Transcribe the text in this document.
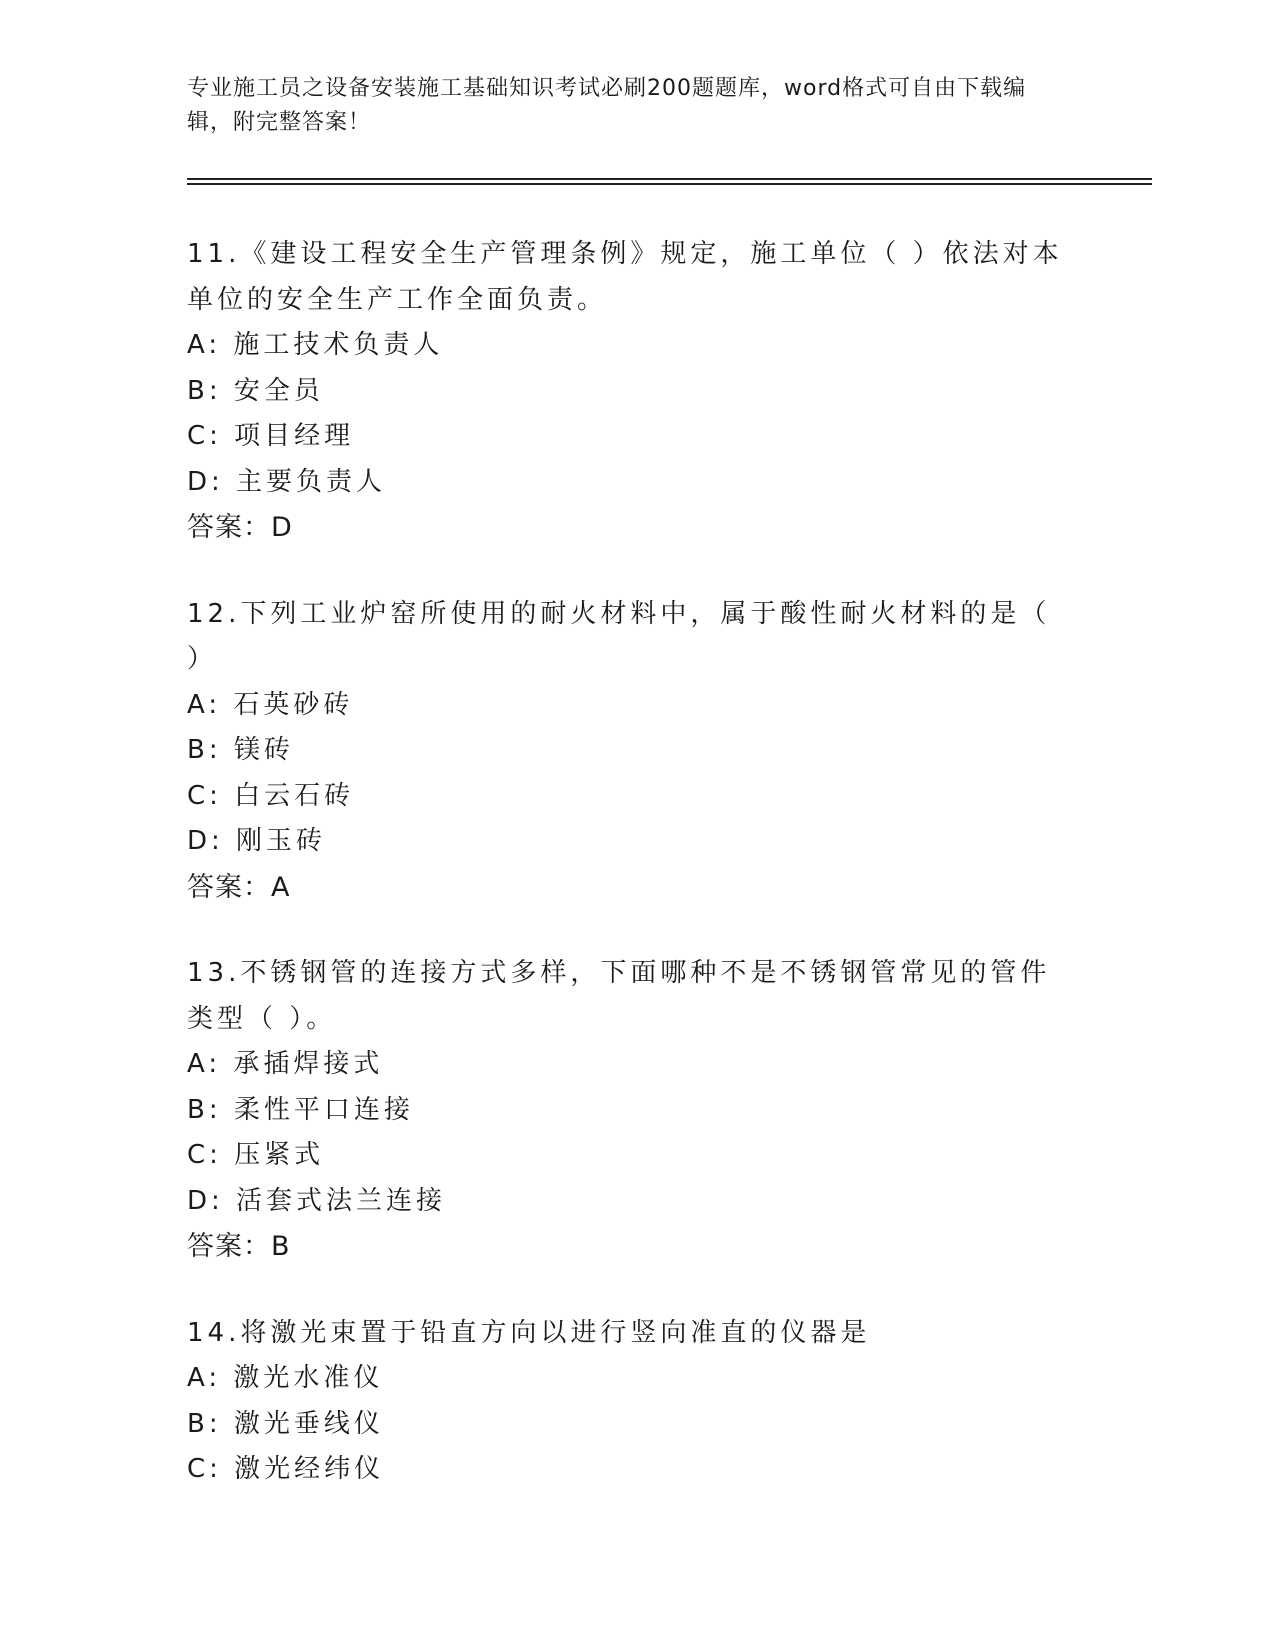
专业施工员之设备安装施工基础知识考试必刷200题题库，word格式可自由下载编辑，附完整答案！
11.《建设工程安全生产管理条例》规定，施工单位（ ）依法对本单位的安全生产工作全面负责。
A: 施工技术负责人
B: 安全员
C: 项目经理
D: 主要负责人
答案：D
12.下列工业炉窑所使用的耐火材料中，属于酸性耐火材料的是（ ）
A: 石英砂砖
B: 镁砖
C: 白云石砖
D: 刚玉砖
答案：A
13.不锈钢管的连接方式多样，下面哪种不是不锈钢管常见的管件类型（ ）。
A: 承插焊接式
B: 柔性平口连接
C: 压紧式
D: 活套式法兰连接
答案：B
14.将激光束置于铅直方向以进行竖向准直的仪器是
A: 激光水准仪
B: 激光垂线仪
C: 激光经纬仪
